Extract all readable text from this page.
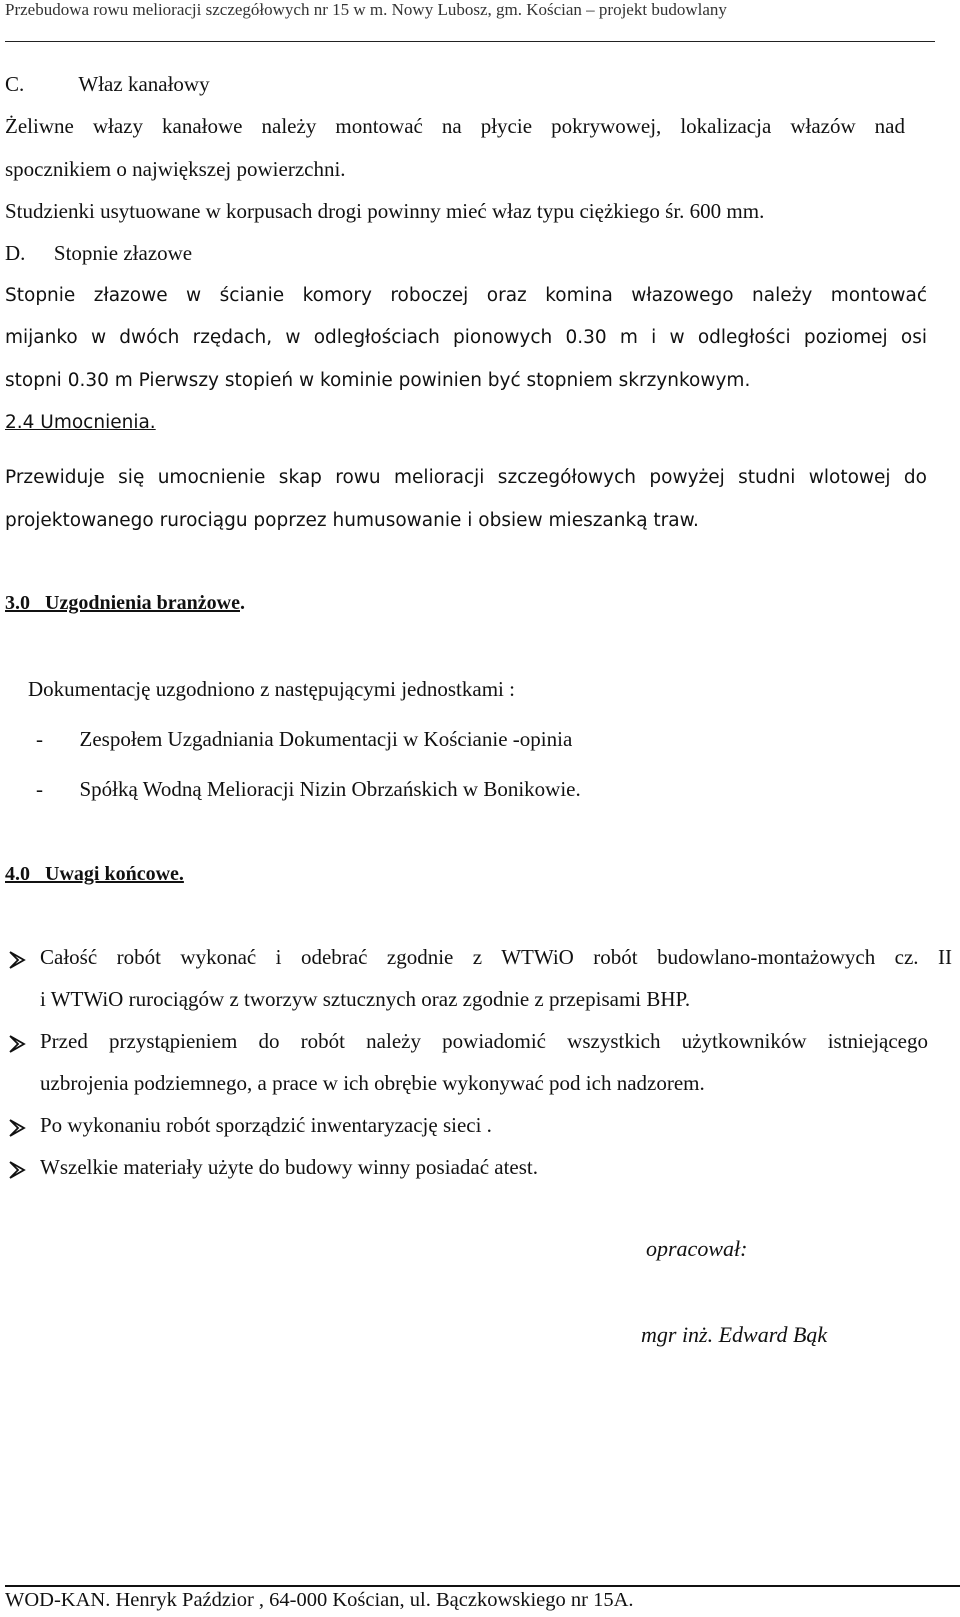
Przebudowa rowu melioracji szczegółowych nr 15 w m. Nowy Lubosz, gm. Kościan – projekt budowlany
C.	Właz kanałowy
Żeliwne włazy kanałowe należy montować na płycie pokrywowej, lokalizacja włazów nad
spocznikiem o największej powierzchni.
Studzienki usytuowane w korpusach drogi powinny mieć właz typu ciężkiego śr. 600 mm.
D. Stopnie złazowe
Stopnie złazowe w ścianie komory roboczej oraz komina włazowego należy montować
mijanko w dwóch rzędach, w odległościach pionowych 0.30 m i w odległości poziomej osi
stopni 0.30 m Pierwszy stopień w kominie powinien być stopniem skrzynkowym.
2.4 Umocnienia.
Przewiduje się umocnienie skap rowu melioracji szczegółowych powyżej studni wlotowej do
projektowanego rurociągu poprzez humusowanie i obsiew mieszanką traw.
3.0   Uzgodnienia branżowe.
Dokumentację uzgodniono z następującymi jednostkami :
- Zespołem Uzgadniania Dokumentacji w Kościanie -opinia
- Spółką Wodną Melioracji Nizin Obrzańskich w Bonikowie.
4.0   Uwagi końcowe.
Całość robót wykonać i odebrać zgodnie z WTWiO robót budowlano-montażowych cz. II
i WTWiO rurociągów z tworzyw sztucznych oraz zgodnie z przepisami BHP.
Przed przystąpieniem do robót należy powiadomić wszystkich użytkowników istniejącego
uzbrojenia podziemnego, a prace w ich obrębie wykonywać pod ich nadzorem.
Po wykonaniu robót sporządzić inwentaryzację sieci .
Wszelkie materiały użyte do budowy winny posiadać atest.
opracował:
mgr inż. Edward Bąk
WOD-KAN. Henryk Paździor , 64-000 Kościan, ul. Bączkowskiego nr 15A.
